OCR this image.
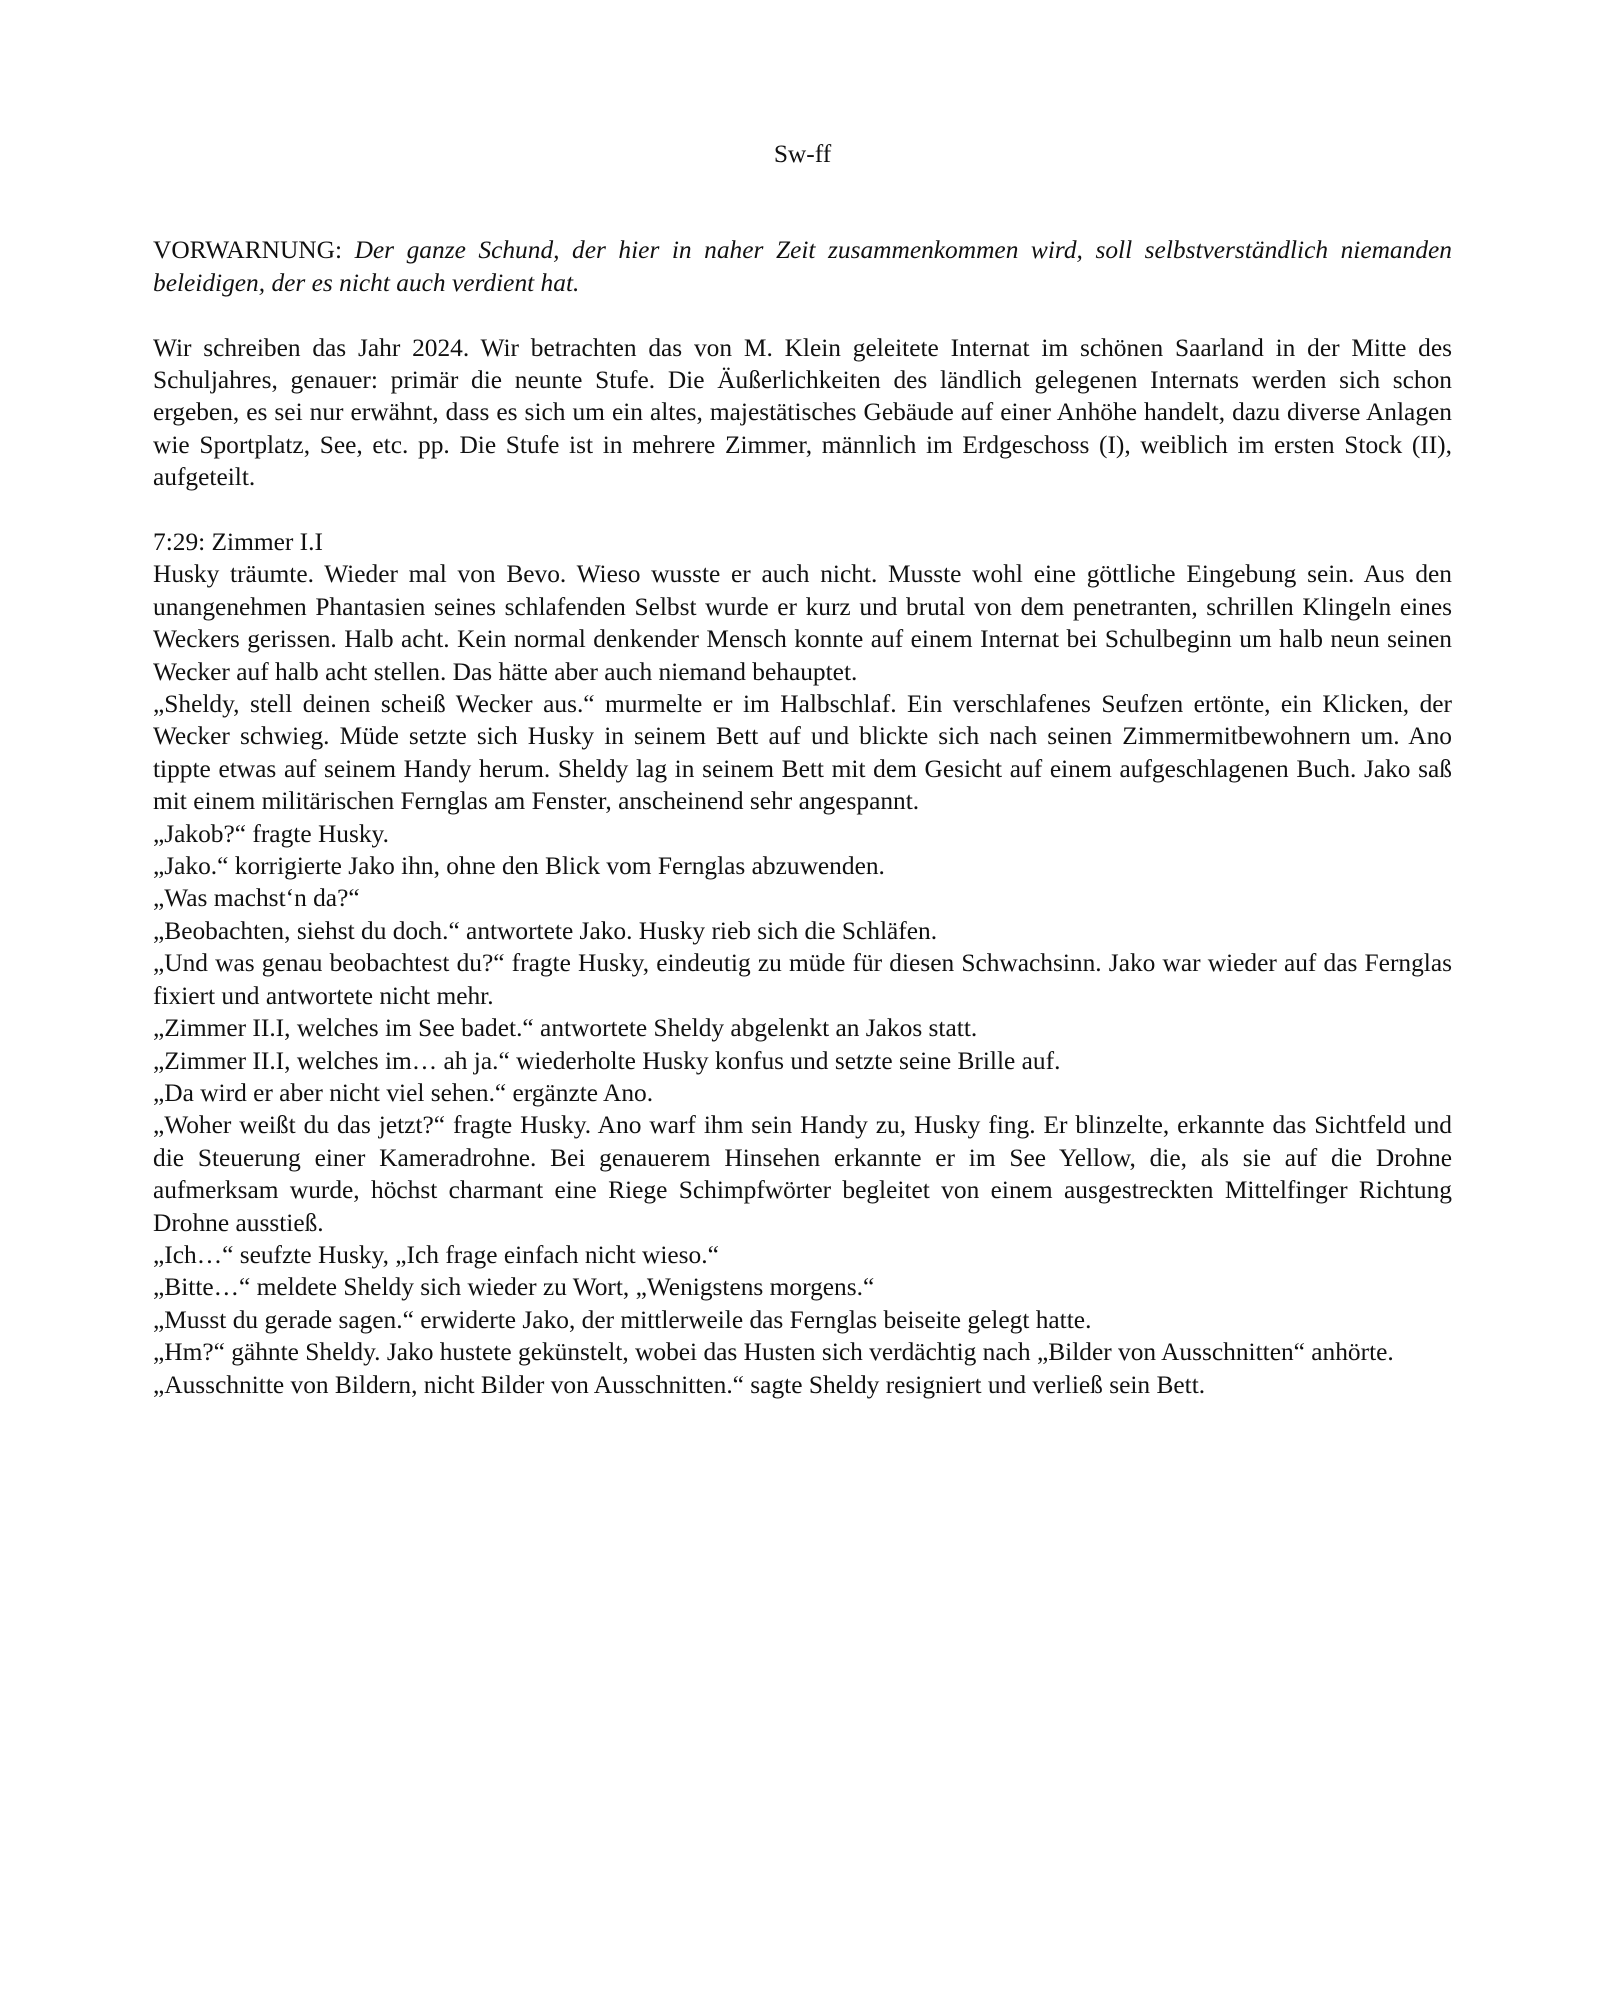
Sw-ff

VORWARNUNG: Der ganze Schund, der hier in naher Zeit zusammenkommen wird, soll selbstverständlich niemanden beleidigen, der es nicht auch verdient hat.

Wir schreiben das Jahr 2024. Wir betrachten das von M. Klein geleitete Internat im schönen Saarland in der Mitte des Schuljahres, genauer: primär die neunte Stufe. Die Äußerlichkeiten des ländlich gelegenen Internats werden sich schon ergeben, es sei nur erwähnt, dass es sich um ein altes, majestätisches Gebäude auf einer Anhöhe handelt, dazu diverse Anlagen wie Sportplatz, See, etc. pp. Die Stufe ist in mehrere Zimmer, männlich im Erdgeschoss (I), weiblich im ersten Stock (II), aufgeteilt.

7:29: Zimmer I.I

Husky träumte. Wieder mal von Bevo. Wieso wusste er auch nicht. Musste wohl eine göttliche Eingebung sein. Aus den unangenehmen Phantasien seines schlafenden Selbst wurde er kurz und brutal von dem penetranten, schrillen Klingeln eines Weckers gerissen. Halb acht. Kein normal denkender Mensch konnte auf einem Internat bei Schulbeginn um halb neun seinen Wecker auf halb acht stellen. Das hätte aber auch niemand behauptet.

„Sheldy, stell deinen scheiß Wecker aus.“ murmelte er im Halbschlaf. Ein verschlafenes Seufzen ertönte, ein Klicken, der Wecker schwieg. Müde setzte sich Husky in seinem Bett auf und blickte sich nach seinen Zimmermitbewohnern um. Ano tippte etwas auf seinem Handy herum. Sheldy lag in seinem Bett mit dem Gesicht auf einem aufgeschlagenen Buch. Jako saß mit einem militärischen Fernglas am Fenster, anscheinend sehr angespannt.

„Jakob?“ fragte Husky.

„Jako.“ korrigierte Jako ihn, ohne den Blick vom Fernglas abzuwenden.

„Was machst‘n da?“

„Beobachten, siehst du doch.“ antwortete Jako. Husky rieb sich die Schläfen.

„Und was genau beobachtest du?“ fragte Husky, eindeutig zu müde für diesen Schwachsinn. Jako war wieder auf das Fernglas fixiert und antwortete nicht mehr.

„Zimmer II.I, welches im See badet.“ antwortete Sheldy abgelenkt an Jakos statt.

„Zimmer II.I, welches im… ah ja.“ wiederholte Husky konfus und setzte seine Brille auf.

„Da wird er aber nicht viel sehen.“ ergänzte Ano.

„Woher weißt du das jetzt?“ fragte Husky. Ano warf ihm sein Handy zu, Husky fing. Er blinzelte, erkannte das Sichtfeld und die Steuerung einer Kameradrohne. Bei genauerem Hinsehen erkannte er im See Yellow, die, als sie auf die Drohne aufmerksam wurde, höchst charmant eine Riege Schimpfwörter begleitet von einem ausgestreckten Mittelfinger Richtung Drohne ausstieß.

„Ich…“ seufzte Husky, „Ich frage einfach nicht wieso.“

„Bitte…“ meldete Sheldy sich wieder zu Wort, „Wenigstens morgens.“

„Musst du gerade sagen.“ erwiderte Jako, der mittlerweile das Fernglas beiseite gelegt hatte.

„Hm?“ gähnte Sheldy. Jako hustete gekünstelt, wobei das Husten sich verdächtig nach „Bilder von Ausschnitten“ anhörte.

„Ausschnitte von Bildern, nicht Bilder von Ausschnitten.“ sagte Sheldy resigniert und verließ sein Bett.
